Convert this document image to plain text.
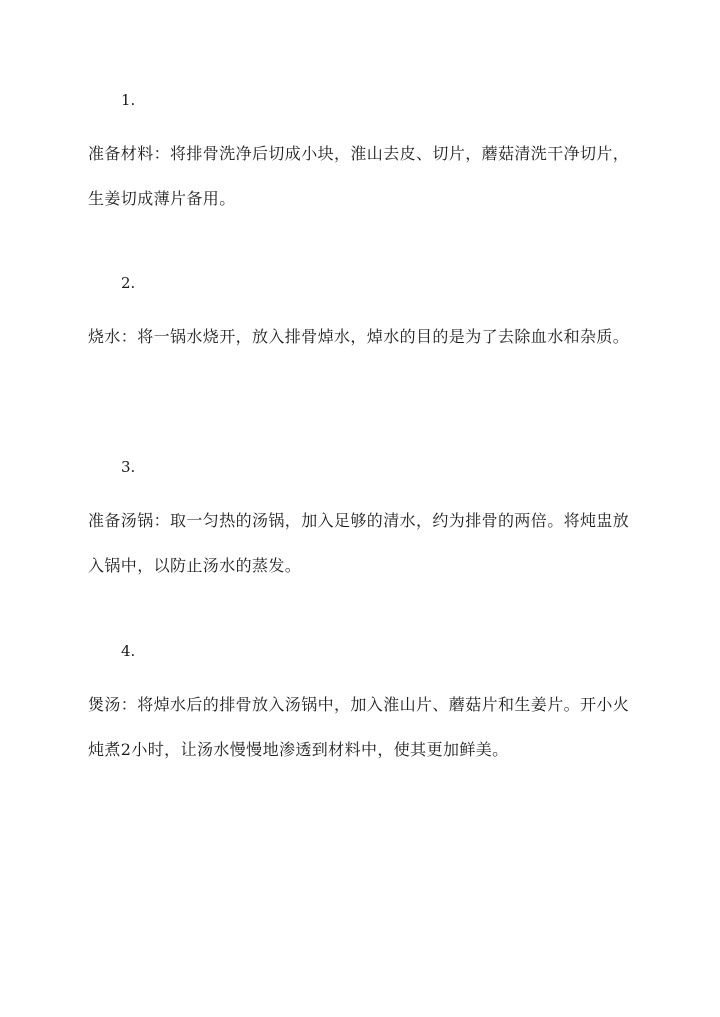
1.
准备材料：将排骨洗净后切成小块，淮山去皮、切片，蘑菇清洗干净切片，生姜切成薄片备用。
2.
烧水：将一锅水烧开，放入排骨焯水，焯水的目的是为了去除血水和杂质。
3.
准备汤锅：取一匀热的汤锅，加入足够的清水，约为排骨的两倍。将炖盅放入锅中，以防止汤水的蒸发。
4.
煲汤：将焯水后的排骨放入汤锅中，加入淮山片、蘑菇片和生姜片。开小火炖煮2小时，让汤水慢慢地渗透到材料中，使其更加鲜美。
